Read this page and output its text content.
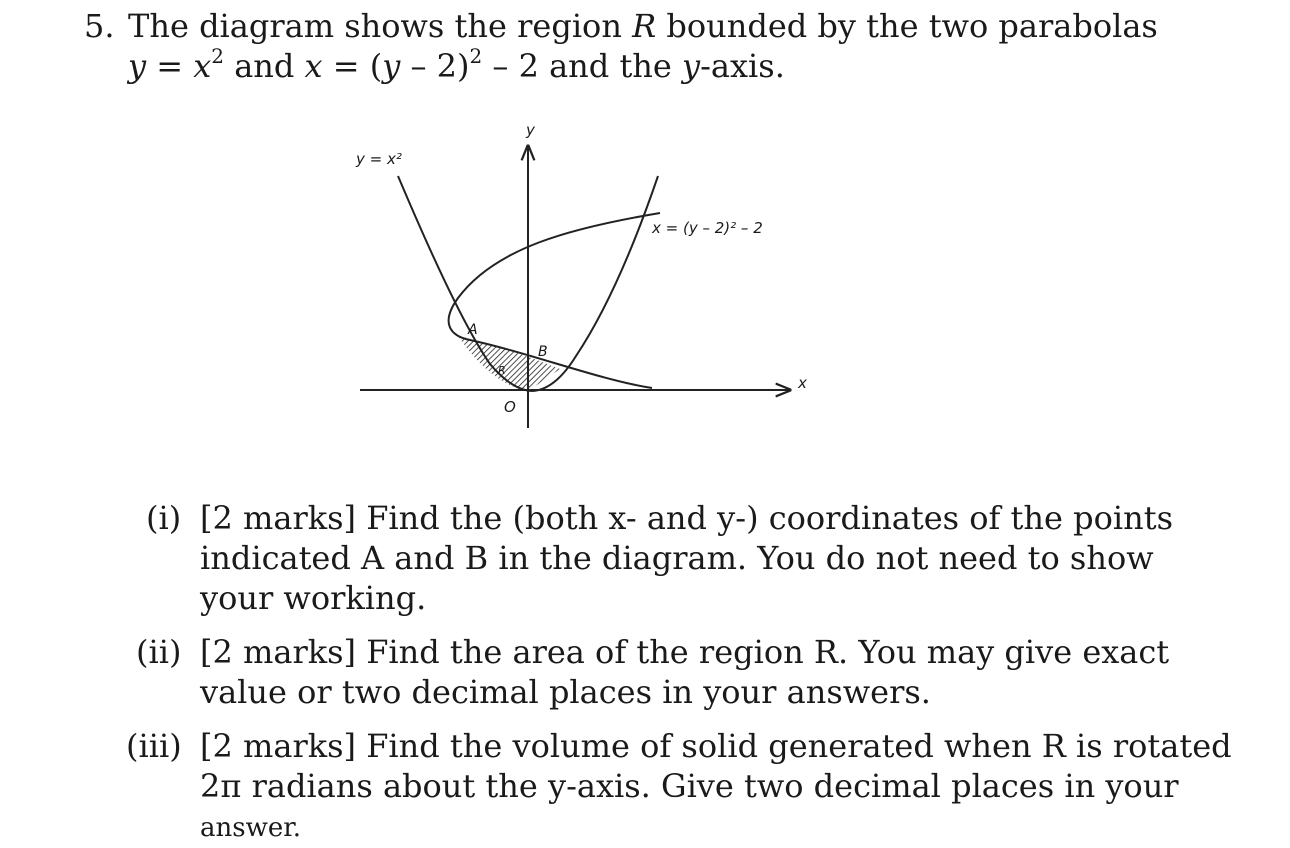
5. The diagram shows the region R bounded by the two parabolas
$y = x^2$ and x = (y – 2)$^2$ – 2 and the y-axis.
y = x²
x = (y – 2)² – 2
y
x
A
B
O
R
(i) [2 marks] Find the (both x- and y-) coordinates of the points
indicated A and B in the diagram. You do not need to show
your working.
(ii) [2 marks] Find the area of the region R. You may give exact
value or two decimal places in your answers.
(iii) [2 marks] Find the volume of solid generated when R is rotated
2π radians about the y-axis. Give two decimal places in your
answer.
